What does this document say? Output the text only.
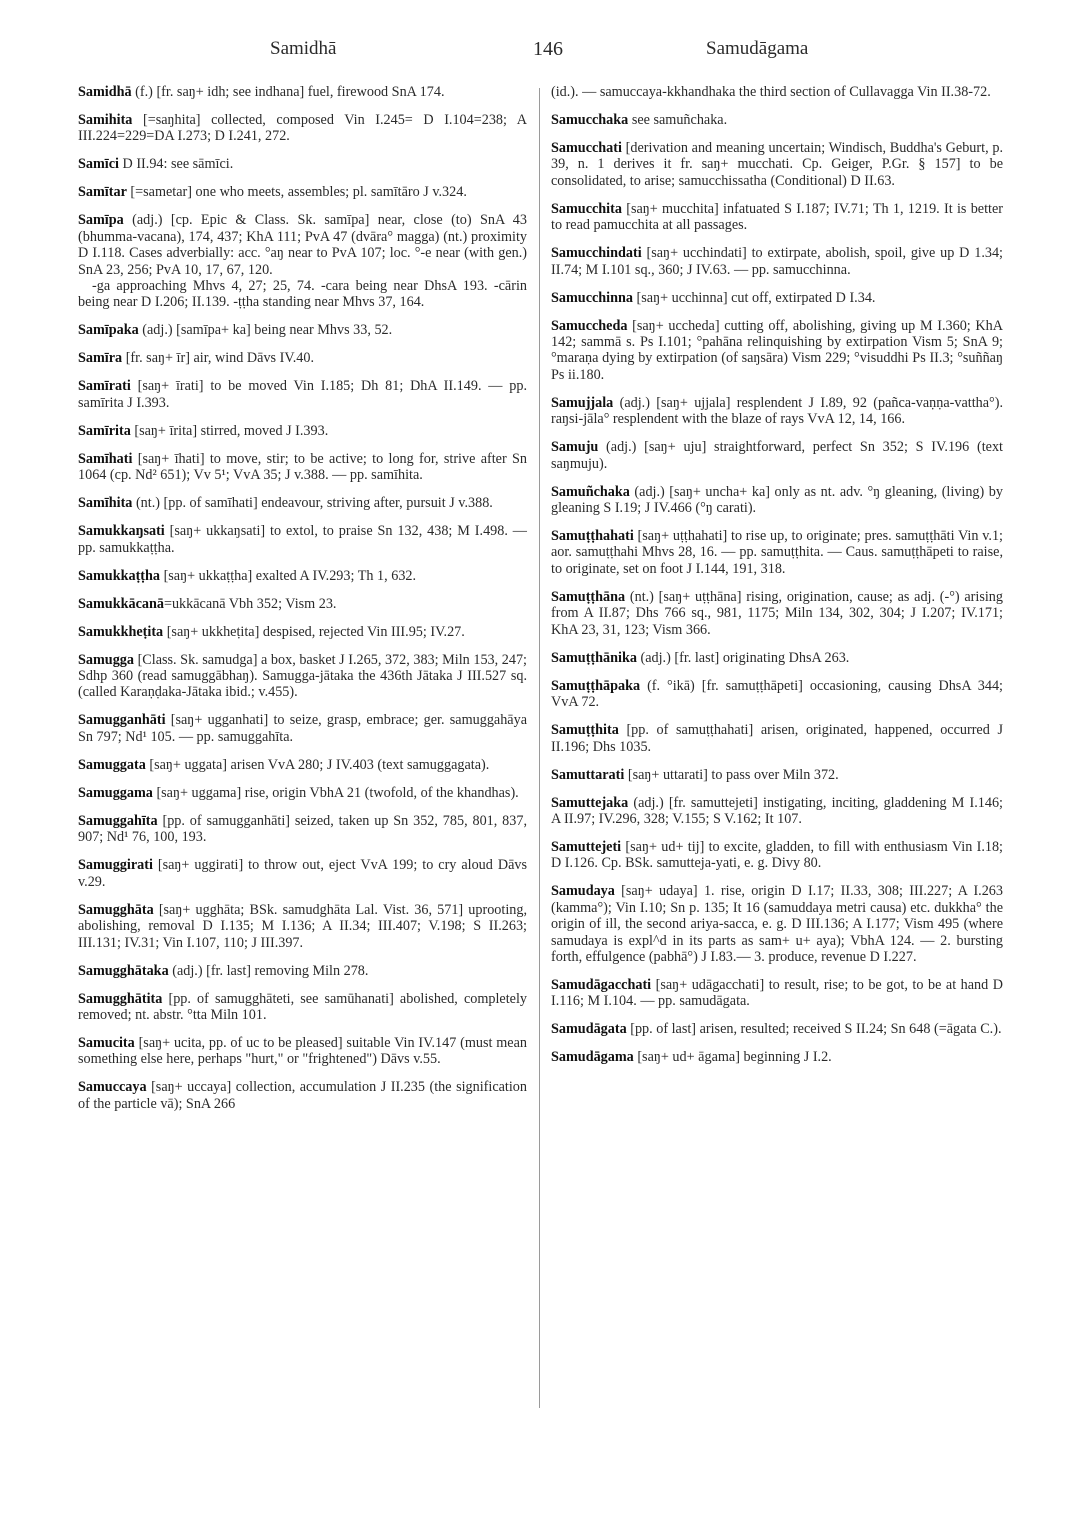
Samidhā	146	Samudāgama
Samidhā (f.) [fr. saŋ+ idh; see indhana] fuel, firewood SnA 174.
Samihita [=saŋhita] collected, composed Vin I.245= D I.104=238; A III.224=229=DA I.273; D I.241, 272.
Samīci D II.94: see sāmīci.
Samītar [=sametar] one who meets, assembles; pl. samītāro J v.324.
Samīpa (adj.) [cp. Epic & Class. Sk. samīpa] near, close (to) SnA 43 (bhumma-vacana), 174, 437; KhA 111; PvA 47 (dvāra° magga) (nt.) proximity D I.118. Cases adverbially: acc. °aŋ near to PvA 107; loc. °-e near (with gen.) SnA 23, 256; PvA 10, 17, 67, 120.
-ga approaching Mhvs 4, 27; 25, 74. -cara being near DhsA 193. -cārin being near D I.206; II.139. -ṭṭha standing near Mhvs 37, 164.
Samīpaka (adj.) [samīpa+ ka] being near Mhvs 33, 52.
Samīra [fr. saŋ+ īr] air, wind Dāvs IV.40.
Samīrati [saŋ+ īrati] to be moved Vin I.185; Dh 81; DhA II.149. — pp. samīrita J I.393.
Samīrita [saŋ+ īrita] stirred, moved J I.393.
Samīhati [saŋ+ īhati] to move, stir; to be active; to long for, strive after Sn 1064 (cp. Nd² 651); Vv 5¹; VvA 35; J v.388. — pp. samīhita.
Samīhita (nt.) [pp. of samīhati] endeavour, striving after, pursuit J v.388.
Samukkaŋsati [saŋ+ ukkaŋsati] to extol, to praise Sn 132, 438; M I.498. — pp. samukkaṭṭha.
Samukkaṭṭha [saŋ+ ukkaṭṭha] exalted A IV.293; Th 1, 632.
Samukkācanā=ukkācanā Vbh 352; Vism 23.
Samukkheṭita [saŋ+ ukkheṭita] despised, rejected Vin III.95; IV.27.
Samugga [Class. Sk. samudga] a box, basket J I.265, 372, 383; Miln 153, 247; Sdhp 360 (read samuggābhaŋ). Samugga-jātaka the 436th Jātaka J III.527 sq. (called Karaṇḍaka-Jātaka ibid.; v.455).
Samugganhāti [saŋ+ ugganhati] to seize, grasp, embrace; ger. samuggahāya Sn 797; Nd¹ 105. — pp. samuggahīta.
Samuggata [saŋ+ uggata] arisen VvA 280; J IV.403 (text samuggagata).
Samuggama [saŋ+ uggama] rise, origin VbhA 21 (twofold, of the khandhas).
Samuggahīta [pp. of samugganhāti] seized, taken up Sn 352, 785, 801, 837, 907; Nd¹ 76, 100, 193.
Samuggirati [saŋ+ uggirati] to throw out, eject VvA 199; to cry aloud Dāvs v.29.
Samugghāta [saŋ+ ugghāta; BSk. samudghāta Lal. Vist. 36, 571] uprooting, abolishing, removal D I.135; M I.136; A II.34; III.407; V.198; S II.263; III.131; IV.31; Vin I.107, 110; J III.397.
Samugghātaka (adj.) [fr. last] removing Miln 278.
Samugghātita [pp. of samugghāteti, see samūhanati] abolished, completely removed; nt. abstr. °tta Miln 101.
Samucita [saŋ+ ucita, pp. of uc to be pleased] suitable Vin IV.147 (must mean something else here, perhaps "hurt," or "frightened") Dāvs v.55.
Samuccaya [saŋ+ uccaya] collection, accumulation J II.235 (the signification of the particle vā); SnA 266
(id.). — samuccaya-kkhandhaka the third section of Cullavagga Vin II.38-72.
Samucchaka see samuñchaka.
Samucchati [derivation and meaning uncertain; Windisch, Buddha's Geburt, p. 39, n. 1 derives it fr. saŋ+ mucchati. Cp. Geiger, P.Gr. § 157] to be consolidated, to arise; samucchissatha (Conditional) D II.63.
Samucchita [saŋ+ mucchita] infatuated S I.187; IV.71; Th 1, 1219. It is better to read pamucchita at all passages.
Samucchindati [saŋ+ ucchindati] to extirpate, abolish, spoil, give up D 1.34; II.74; M I.101 sq., 360; J IV.63. — pp. samucchinna.
Samucchinna [saŋ+ ucchinna] cut off, extirpated D I.34.
Samuccheda [saŋ+ uccheda] cutting off, abolishing, giving up M I.360; KhA 142; sammā s. Ps I.101; °pahāna relinquishing by extirpation Vism 5; SnA 9; °maraṇa dying by extirpation (of saŋsāra) Vism 229; °visuddhi Ps II.3; °suññaŋ Ps ii.180.
Samujjala (adj.) [saŋ+ ujjala] resplendent J I.89, 92 (pañca-vaṇṇa-vattha°). raŋsi-jāla° resplendent with the blaze of rays VvA 12, 14, 166.
Samuju (adj.) [saŋ+ uju] straightforward, perfect Sn 352; S IV.196 (text saŋmuju).
Samuñchaka (adj.) [saŋ+ uncha+ ka] only as nt. adv. °ŋ gleaning, (living) by gleaning S I.19; J IV.466 (°ŋ carati).
Samuṭṭhahati [saŋ+ uṭṭhahati] to rise up, to originate; pres. samuṭṭhāti Vin v.1; aor. samuṭṭhahi Mhvs 28, 16. — pp. samuṭṭhita. — Caus. samuṭṭhāpeti to raise, to originate, set on foot J I.144, 191, 318.
Samuṭṭhāna (nt.) [saŋ+ uṭṭhāna] rising, origination, cause; as adj. (-°) arising from A II.87; Dhs 766 sq., 981, 1175; Miln 134, 302, 304; J I.207; IV.171; KhA 23, 31, 123; Vism 366.
Samuṭṭhānika (adj.) [fr. last] originating DhsA 263.
Samuṭṭhāpaka (f. °ikā) [fr. samuṭṭhāpeti] occasioning, causing DhsA 344; VvA 72.
Samuṭṭhita [pp. of samuṭṭhahati] arisen, originated, happened, occurred J II.196; Dhs 1035.
Samuttarati [saŋ+ uttarati] to pass over Miln 372.
Samuttejaka (adj.) [fr. samuttejeti] instigating, inciting, gladdening M I.146; A II.97; IV.296, 328; V.155; S V.162; It 107.
Samuttejeti [saŋ+ ud+ tij] to excite, gladden, to fill with enthusiasm Vin I.18; D I.126. Cp. BSk. samutteja-yati, e. g. Divy 80.
Samudaya [saŋ+ udaya] 1. rise, origin D I.17; II.33, 308; III.227; A I.263 (kamma°); Vin I.10; Sn p. 135; It 16 (samuddaya metri causa) etc. dukkha° the origin of ill, the second ariya-sacca, e. g. D III.136; A I.177; Vism 495 (where samudaya is expl^d in its parts as sam+ u+ aya); VbhA 124. — 2. bursting forth, effulgence (pabhā°) J I.83.— 3. produce, revenue D I.227.
Samudāgacchati [saŋ+ udāgacchati] to result, rise; to be got, to be at hand D I.116; M I.104. — pp. samudāgata.
Samudāgata [pp. of last] arisen, resulted; received S II.24; Sn 648 (=āgata C.).
Samudāgama [saŋ+ ud+ āgama] beginning J I.2.
